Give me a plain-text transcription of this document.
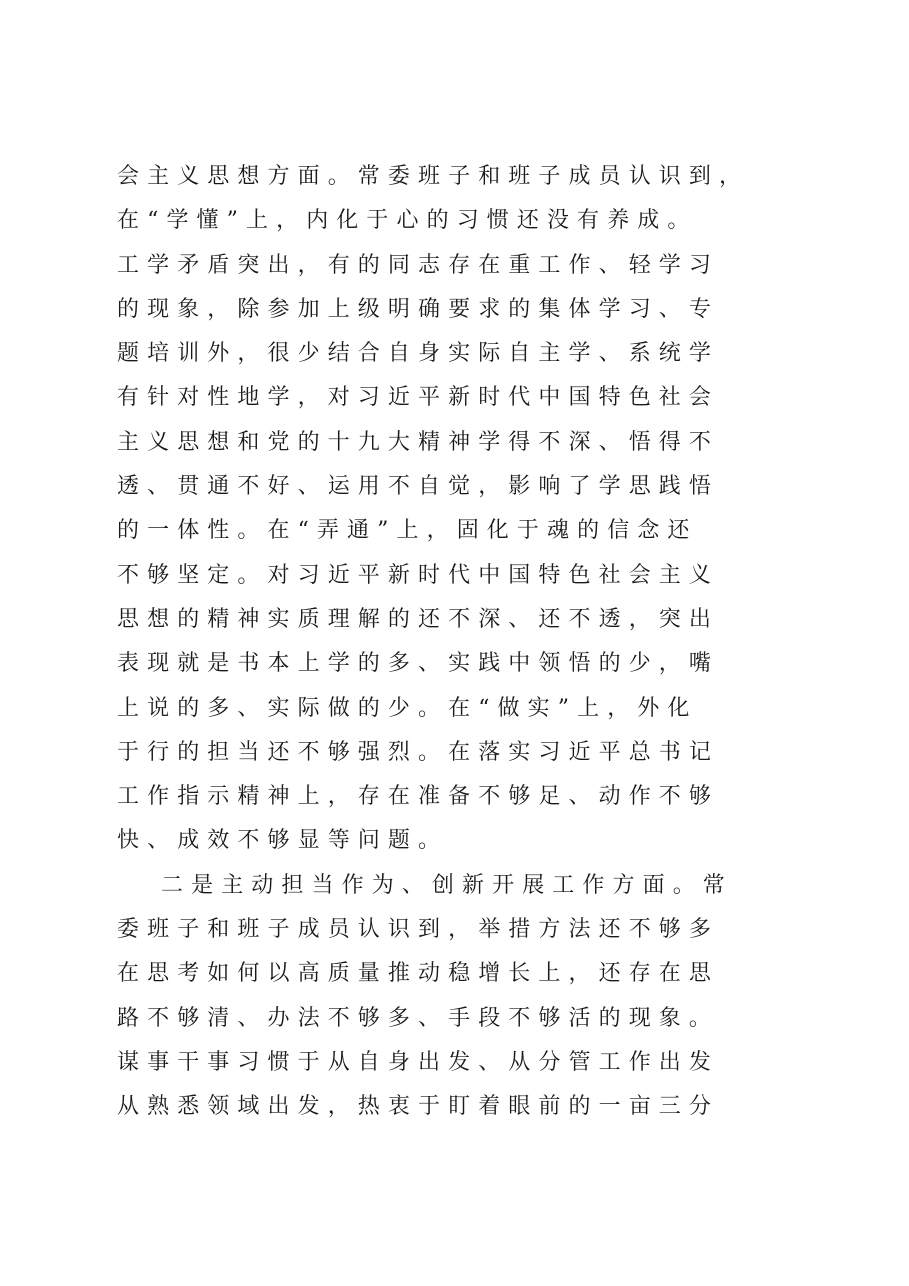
会主义思想方面。常委班子和班子成员认识到，
在“学懂”上，内化于心的习惯还没有养成。
工学矛盾突出，有的同志存在重工作、轻学习
的现象，除参加上级明确要求的集体学习、专
题培训外，很少结合自身实际自主学、系统学
有针对性地学，对习近平新时代中国特色社会
主义思想和党的十九大精神学得不深、悟得不
透、贯通不好、运用不自觉，影响了学思践悟
的一体性。在“弄通”上，固化于魂的信念还
不够坚定。对习近平新时代中国特色社会主义
思想的精神实质理解的还不深、还不透，突出
表现就是书本上学的多、实践中领悟的少，嘴
上说的多、实际做的少。在“做实”上，外化
于行的担当还不够强烈。在落实习近平总书记
工作指示精神上，存在准备不够足、动作不够
快、成效不够显等问题。
二是主动担当作为、创新开展工作方面。常
委班子和班子成员认识到，举措方法还不够多
在思考如何以高质量推动稳增长上，还存在思
路不够清、办法不够多、手段不够活的现象。
谋事干事习惯于从自身出发、从分管工作出发
从熟悉领域出发，热衷于盯着眼前的一亩三分
